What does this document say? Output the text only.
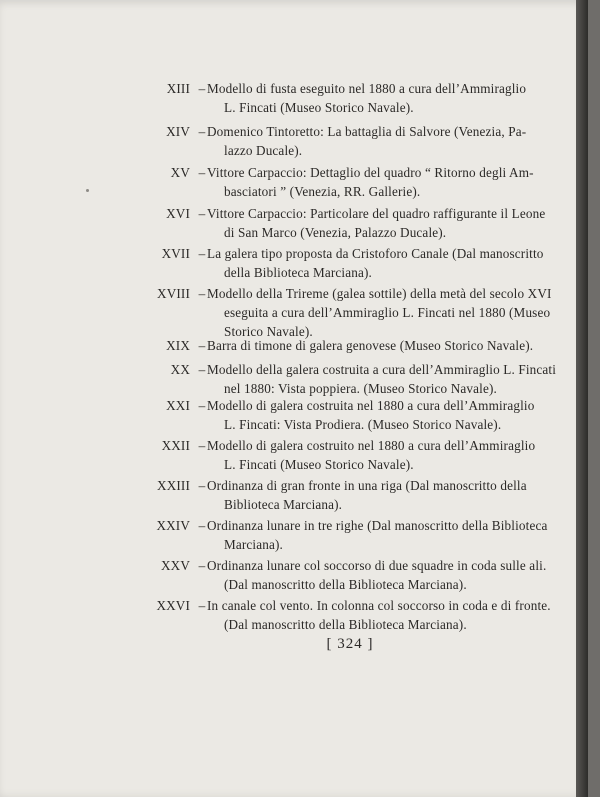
XIII – Modello di fusta eseguito nel 1880 a cura dell’Ammiraglio
L. Fincati (Museo Storico Navale).
XIV – Domenico Tintoretto: La battaglia di Salvore (Venezia, Pa-
lazzo Ducale).
XV – Vittore Carpaccio: Dettaglio del quadro “ Ritorno degli Am-
basciatori ” (Venezia, RR. Gallerie).
XVI – Vittore Carpaccio: Particolare del quadro raffigurante il Leone
di San Marco (Venezia, Palazzo Ducale).
XVII – La galera tipo proposta da Cristoforo Canale (Dal manoscritto
della Biblioteca Marciana).
XVIII – Modello della Trireme (galea sottile) della metà del secolo XVI
eseguita a cura dell’Ammiraglio L. Fincati nel 1880 (Museo
Storico Navale).
XIX – Barra di timone di galera genovese (Museo Storico Navale).
XX – Modello della galera costruita a cura dell’Ammiraglio L. Fincati
nel 1880: Vista poppiera. (Museo Storico Navale).
XXI – Modello di galera costruita nel 1880 a cura dell’Ammiraglio
L. Fincati: Vista Prodiera. (Museo Storico Navale).
XXII – Modello di galera costruito nel 1880 a cura dell’Ammiraglio
L. Fincati (Museo Storico Navale).
XXIII – Ordinanza di gran fronte in una riga (Dal manoscritto della
Biblioteca Marciana).
XXIV – Ordinanza lunare in tre righe (Dal manoscritto della Biblioteca
Marciana).
XXV – Ordinanza lunare col soccorso di due squadre in coda sulle ali.
(Dal manoscritto della Biblioteca Marciana).
XXVI – In canale col vento. In colonna col soccorso in coda e di fronte.
(Dal manoscritto della Biblioteca Marciana).
[ 324 ]
